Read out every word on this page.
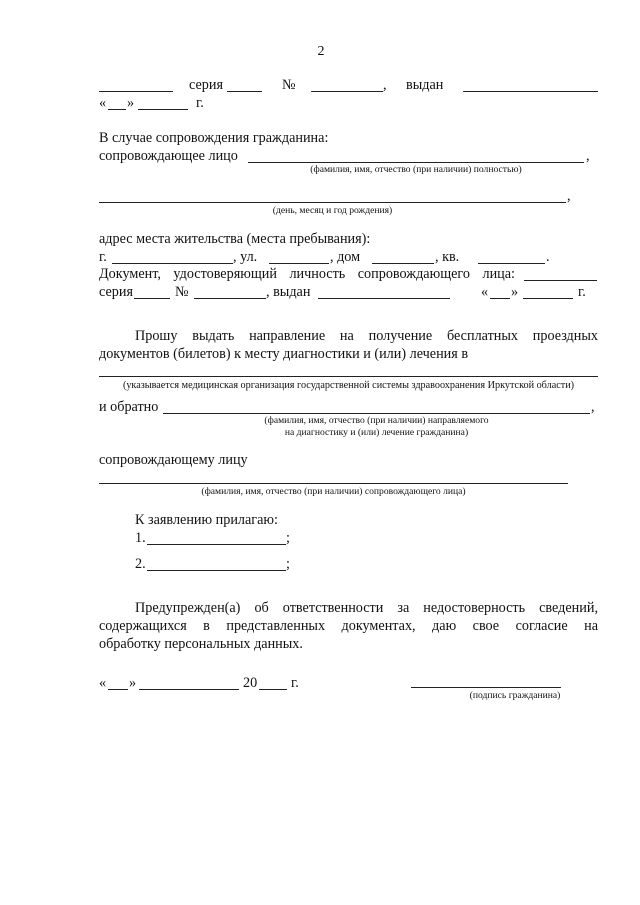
2
серия	№	, выдан
« »	г.
В случае сопровождения гражданина:
сопровождающее лицо	,
(фамилия, имя, отчество (при наличии) полностью)
,
(день, месяц и год рождения)
адрес места жительства (места пребывания):
г.	, ул.	, дом	, кв.	.
Документ, удостоверяющий личность сопровождающего лица:
серия	№	, выдан	« »	г.
Прошу выдать направление на получение бесплатных проездных
документов (билетов) к месту диагностики и (или) лечения в
(указывается медицинская организация государственной системы здравоохранения Иркутской области)
и обратно	,
(фамилия, имя, отчество (при наличии) направляемого
на диагностику и (или) лечение гражданина)
сопровождающему лицу
(фамилия, имя, отчество (при наличии) сопровождающего лица)
К заявлению прилагаю:
1.	;
2.	;
Предупрежден(а) об ответственности за недостоверность сведений,
содержащихся в представленных документах, даю свое согласие на
обработку персональных данных.
« »	20 г.
(подпись гражданина)
